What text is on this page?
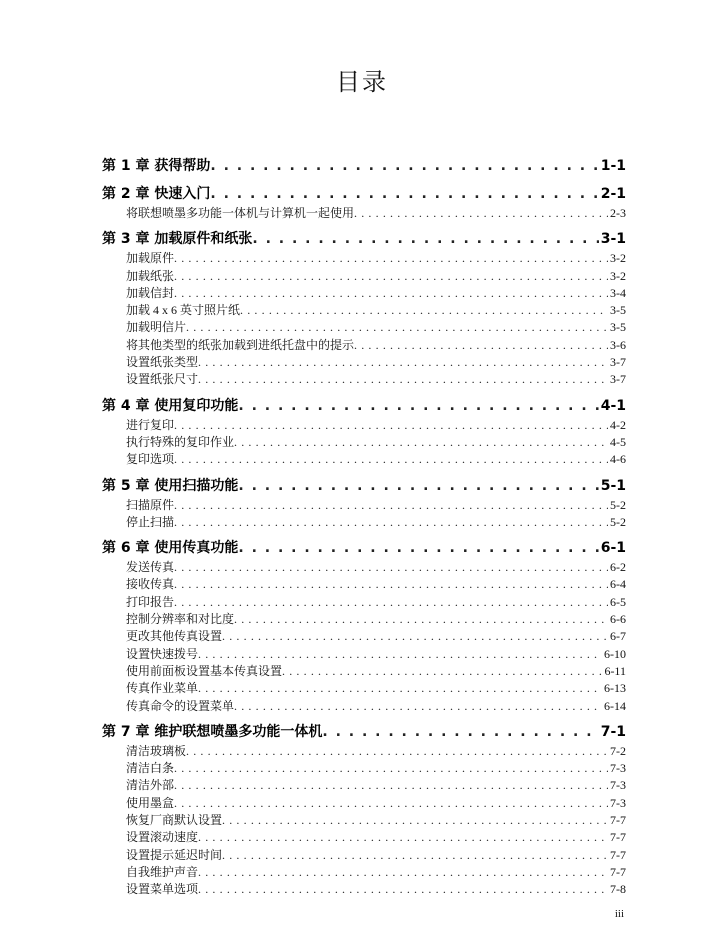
目录
第 1 章 获得帮助 . . .	1-1
第 2 章 快速入门 . . .	2-1
将联想喷墨多功能一体机与计算机一起使用 . . .	2-3
第 3 章 加载原件和纸张 . . .	3-1
加载原件 . . .	3-2
加载纸张 . . .	3-2
加载信封 . . .	3-4
加载 4 x 6 英寸照片纸 . . .	3-5
加载明信片 . . .	3-5
将其他类型的纸张加载到进纸托盘中的提示 . . .	3-6
设置纸张类型 . . .	3-7
设置纸张尺寸 . . .	3-7
第 4 章 使用复印功能 . . .	4-1
进行复印 . . .	4-2
执行特殊的复印作业 . . .	4-5
复印选项 . . .	4-6
第 5 章 使用扫描功能 . . .	5-1
扫描原件 . . .	5-2
停止扫描 . . .	5-2
第 6 章 使用传真功能 . . .	6-1
发送传真 . . .	6-2
接收传真 . . .	6-4
打印报告 . . .	6-5
控制分辨率和对比度 . . .	6-6
更改其他传真设置 . . .	6-7
设置快速拨号 . . .	6-10
使用前面板设置基本传真设置 . . .	6-11
传真作业菜单 . . .	6-13
传真命令的设置菜单 . . .	6-14
第 7 章 维护联想喷墨多功能一体机 . . .	7-1
清洁玻璃板 . . .	7-2
清洁白条 . . .	7-3
清洁外部 . . .	7-3
使用墨盒 . . .	7-3
恢复厂商默认设置 . . .	7-7
设置滚动速度 . . .	7-7
设置提示延迟时间 . . .	7-7
自我维护声音 . . .	7-7
设置菜单选项 . . .	7-8
iii
